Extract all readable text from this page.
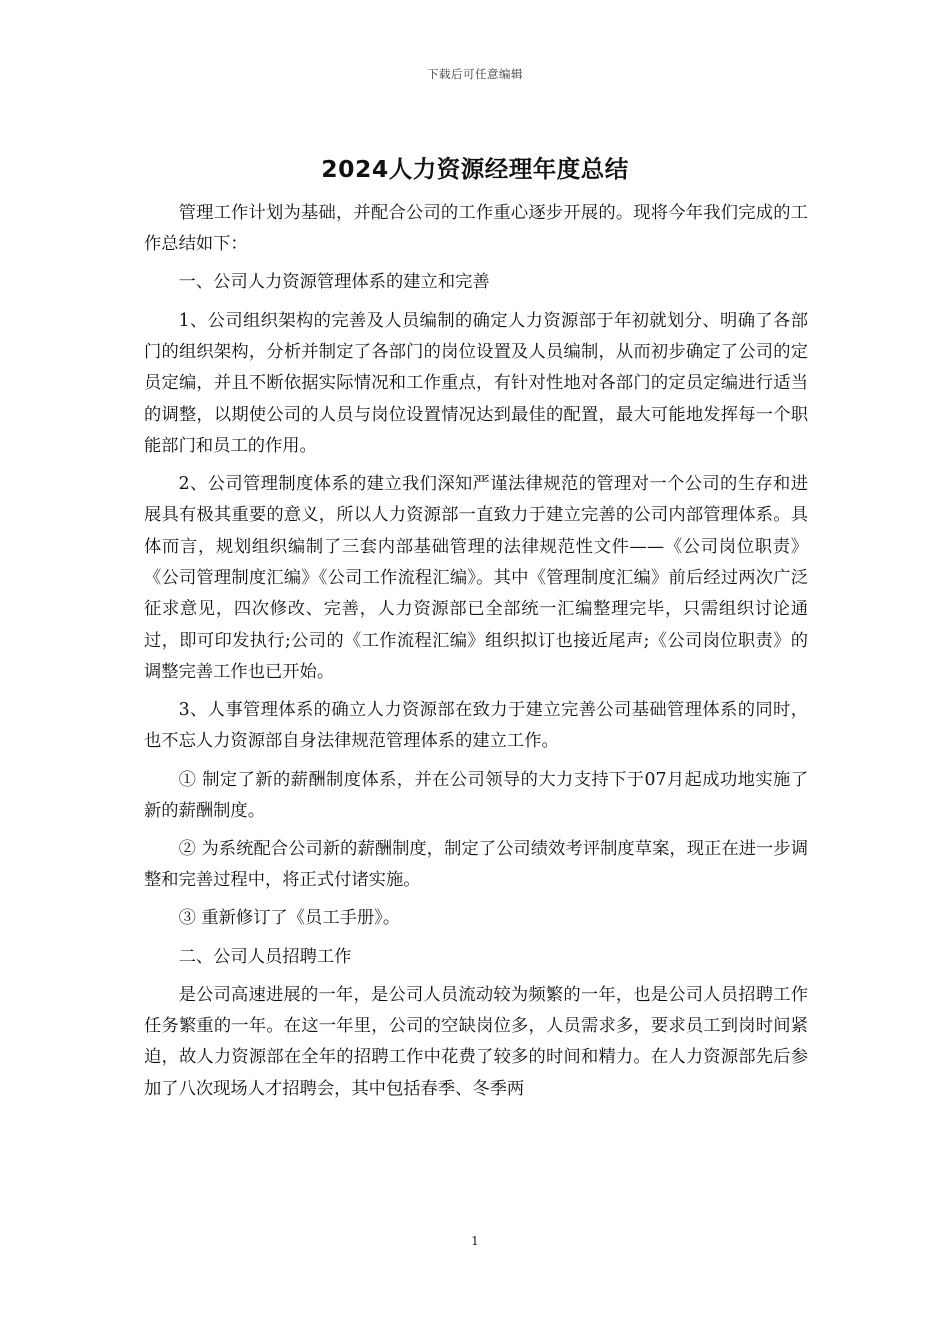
下载后可任意编辑
2024人力资源经理年度总结

管理工作计划为基础，并配合公司的工作重心逐步开展的。现将今年我们完成的工作总结如下：

一、公司人力资源管理体系的建立和完善

1、公司组织架构的完善及人员编制的确定人力资源部于年初就划分、明确了各部门的组织架构，分析并制定了各部门的岗位设置及人员编制，从而初步确定了公司的定员定编，并且不断依据实际情况和工作重点，有针对性地对各部门的定员定编进行适当的调整，以期使公司的人员与岗位设置情况达到最佳的配置，最大可能地发挥每一个职能部门和员工的作用。

2、公司管理制度体系的建立我们深知严谨法律规范的管理对一个公司的生存和进展具有极其重要的意义，所以人力资源部一直致力于建立完善的公司内部管理体系。具体而言，规划组织编制了三套内部基础管理的法律规范性文件——《公司岗位职责》《公司管理制度汇编》《公司工作流程汇编》。其中《管理制度汇编》前后经过两次广泛征求意见，四次修改、完善，人力资源部已全部统一汇编整理完毕，只需组织讨论通过，即可印发执行;公司的《工作流程汇编》组织拟订也接近尾声;《公司岗位职责》的调整完善工作也已开始。

3、人事管理体系的确立人力资源部在致力于建立完善公司基础管理体系的同时，也不忘人力资源部自身法律规范管理体系的建立工作。

① 制定了新的薪酬制度体系，并在公司领导的大力支持下于07月起成功地实施了新的薪酬制度。

② 为系统配合公司新的薪酬制度，制定了公司绩效考评制度草案，现正在进一步调整和完善过程中，将正式付诸实施。

③ 重新修订了《员工手册》。

二、公司人员招聘工作

是公司高速进展的一年，是公司人员流动较为频繁的一年，也是公司人员招聘工作任务繁重的一年。在这一年里，公司的空缺岗位多，人员需求多，要求员工到岗时间紧迫，故人力资源部在全年的招聘工作中花费了较多的时间和精力。在人力资源部先后参加了八次现场人才招聘会，其中包括春季、冬季两

1
